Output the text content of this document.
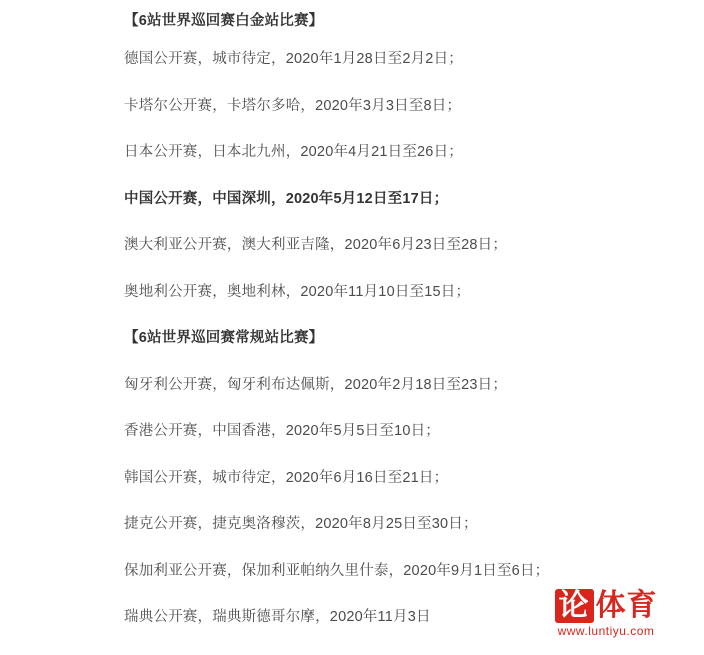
【6站世界巡回赛白金站比赛】
德国公开赛，城市待定，2020年1月28日至2月2日；
卡塔尔公开赛，卡塔尔多哈，2020年3月3日至8日；
日本公开赛，日本北九州，2020年4月21日至26日；
中国公开赛，中国深圳，2020年5月12日至17日；
澳大利亚公开赛，澳大利亚吉隆，2020年6月23日至28日；
奥地利公开赛，奥地利林，2020年11月10日至15日；
【6站世界巡回赛常规站比赛】
匈牙利公开赛，匈牙利布达佩斯，2020年2月18日至23日；
香港公开赛，中国香港，2020年5月5日至10日；
韩国公开赛，城市待定，2020年6月16日至21日；
捷克公开赛，捷克奥洛穆茨，2020年8月25日至30日；
保加利亚公开赛，保加利亚帕纳久里什泰，2020年9月1日至6日；
瑞典公开赛，瑞典斯德哥尔摩，2020年11月3日	论 体育
www.luntiyu.com
